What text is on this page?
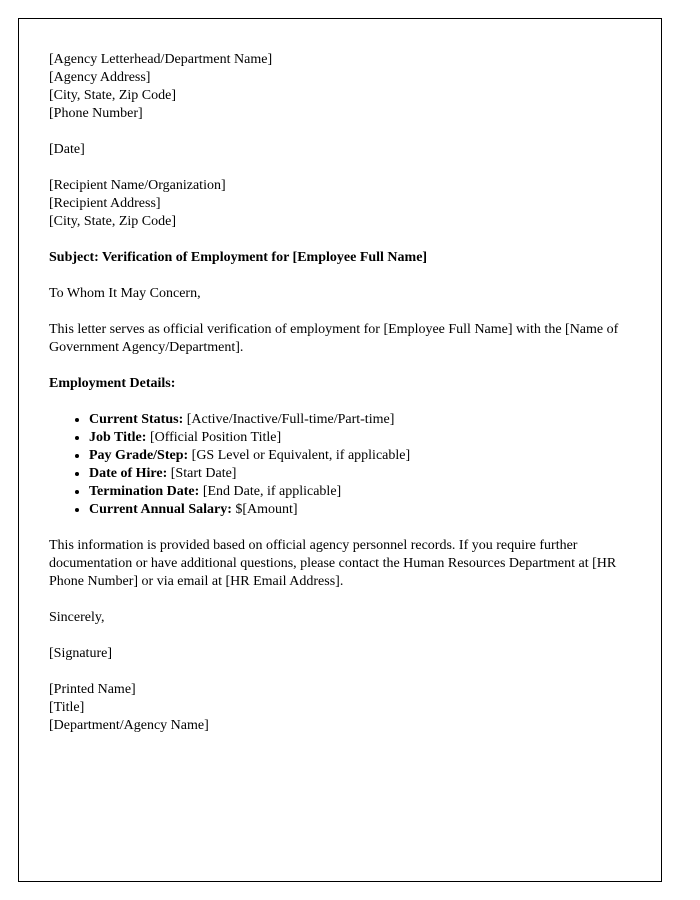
[Agency Letterhead/Department Name]
[Agency Address]
[City, State, Zip Code]
[Phone Number]
[Date]
[Recipient Name/Organization]
[Recipient Address]
[City, State, Zip Code]
Subject: Verification of Employment for [Employee Full Name]
To Whom It May Concern,
This letter serves as official verification of employment for [Employee Full Name] with the [Name of Government Agency/Department].
Employment Details:
• Current Status: [Active/Inactive/Full-time/Part-time]
• Job Title: [Official Position Title]
• Pay Grade/Step: [GS Level or Equivalent, if applicable]
• Date of Hire: [Start Date]
• Termination Date: [End Date, if applicable]
• Current Annual Salary: $[Amount]
This information is provided based on official agency personnel records. If you require further documentation or have additional questions, please contact the Human Resources Department at [HR Phone Number] or via email at [HR Email Address].
Sincerely,
[Signature]
[Printed Name]
[Title]
[Department/Agency Name]
